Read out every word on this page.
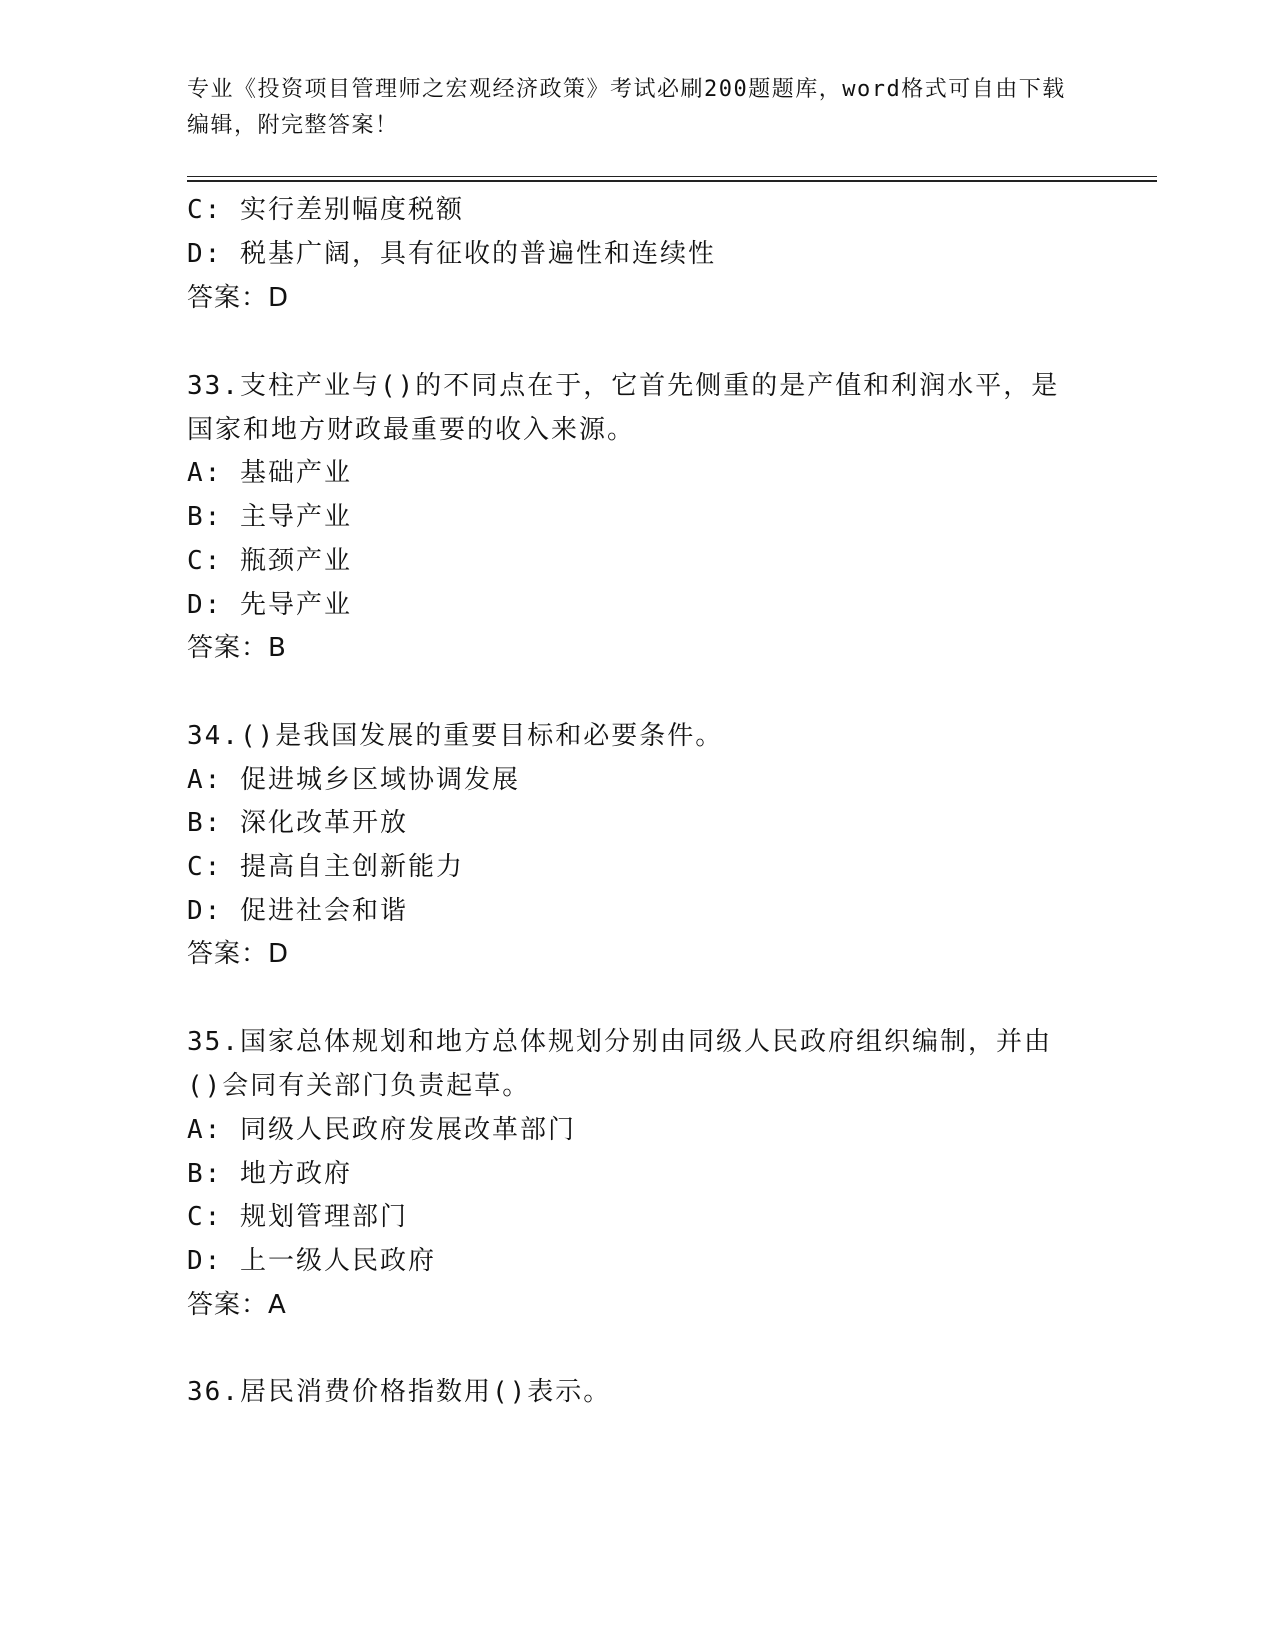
专业《投资项目管理师之宏观经济政策》考试必刷200题题库，word格式可自由下载编辑，附完整答案！
C: 实行差别幅度税额
D: 税基广阔，具有征收的普遍性和连续性
答案：D
33.支柱产业与()的不同点在于，它首先侧重的是产值和利润水平，是
国家和地方财政最重要的收入来源。
A: 基础产业
B: 主导产业
C: 瓶颈产业
D: 先导产业
答案：B
34.()是我国发展的重要目标和必要条件。
A: 促进城乡区域协调发展
B: 深化改革开放
C: 提高自主创新能力
D: 促进社会和谐
答案：D
35.国家总体规划和地方总体规划分别由同级人民政府组织编制，并由
()会同有关部门负责起草。
A: 同级人民政府发展改革部门
B: 地方政府
C: 规划管理部门
D: 上一级人民政府
答案：A
36.居民消费价格指数用()表示。
